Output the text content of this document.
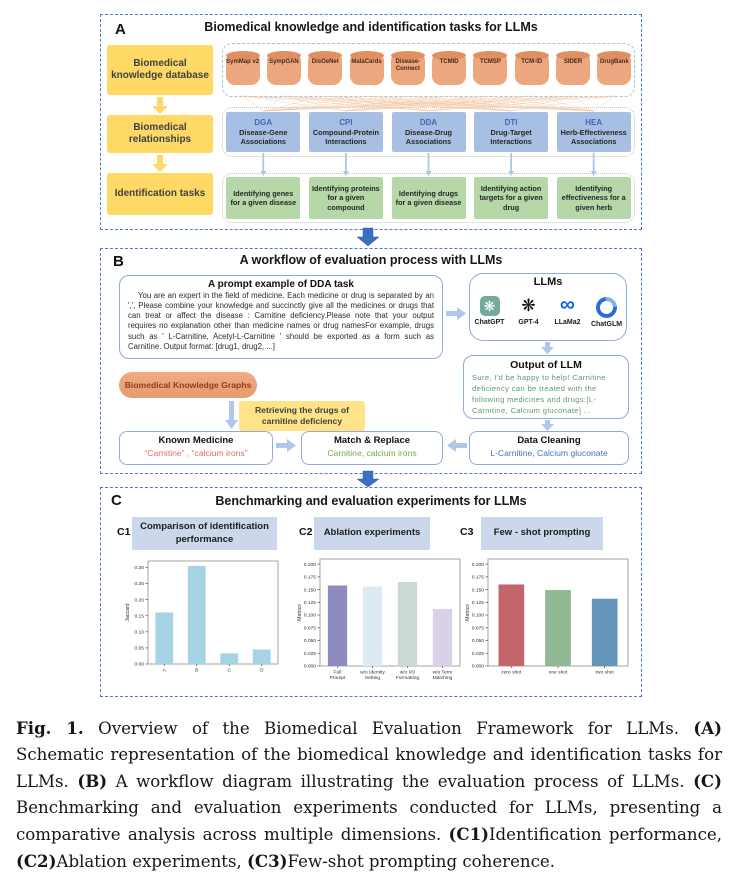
A	Biomedical knowledge and identification tasks for LLMs
Biomedical knowledge database
Biomedical relationships
Identification tasks
SymMap v2	SympGAN	DisGeNet	MalaCards	Disease-Connect
TCMID	TCMSP	TCM-ID	SIDER	DrugBank
DGA
Disease-Gene Associations
CPI
Compound-Protein Interactions
DDA
Disease-Drug Associations
DTI
Drug-Target Interactions
HEA
Herb-Effectiveness Associations
Identifying genes for a given disease
Identifying proteins for a given compound
Identifying drugs for a given disease
Identifying action targets for a given drug
Identifying effectiveness for a given herb
B	A workflow of evaluation process with LLMs
A prompt example of DDA task
You are an expert in the field of medicine. Each medicine or drug is separated by an ',', Please combine your knowledge and succinctly give all the medicines or drugs that can treat or affect the disease : Carnitine deficiency.Please note that your output requires no explanation other than medicine names or drug namesFor example, drugs such as ' L-Carnitine, Acetyl-L-Carnitine ' should be exported as a form such as Carnitine. Output format: [drug1, drug2, ...]
LLMs
❋
ChatGPT
❋
GPT-4
∞
LLaMa2 ChatGLM
Output of LLM
Sure, I'd be happy to help! Carnitine deficiency can be treated with the following medicines and drugs:[L-Carnitine, Calcium gluconate] ...
Data Cleaning
L-Carnitine, Calcium gluconate
Match & Replace
Carnitine, calcium irons
Known Medicine
“Carnitine” , “calcium irons”
Biomedical Knowledge Graphs
Retrieving the drugs of carnitine deficiency
C	Benchmarking and evaluation experiments for LLMs
C1	Comparison of identification performance
C2	Ablation experiments	C3	Few - shot prompting
0.00
0.05
0.10
0.15
0.20
0.25
0.30
Jaccard
A	B	C	D
0.000
0.025
0.050
0.075
0.100
0.125
0.150
0.175
0.200
Metrics
Full
Prompt
w/o Identity
Setting
w/o I/O
Formatting
w/o Term
Matching
0.000
0.025
0.050
0.075
0.100
0.125
0.150
0.175
0.200
Metrics
zero shot	one shot	two shot

Fig. 1. Overview of the Biomedical Evaluation Framework for LLMs. (A) Schematic representation of the biomedical knowledge and identification tasks for LLMs. (B) A workflow diagram illustrating the evaluation process of LLMs. (C) Benchmarking and evaluation experiments conducted for LLMs, presenting a comparative analysis across multiple dimensions. (C1)Identification performance, (C2)Ablation experiments, (C3)Few-shot prompting coherence.
